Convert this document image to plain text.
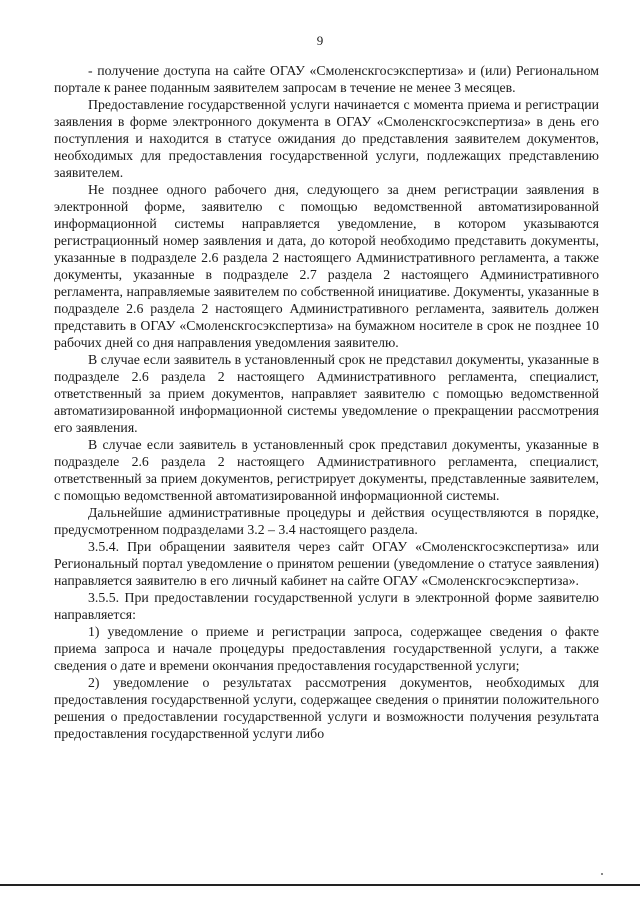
9

- получение доступа на сайте ОГАУ «Смоленскгосэкспертиза» и (или) Региональном портале к ранее поданным заявителем запросам в течение не менее 3 месяцев.

Предоставление государственной услуги начинается с момента приема и регистрации заявления в форме электронного документа в ОГАУ «Смоленскгосэкспертиза» в день его поступления и находится в статусе ожидания до представления заявителем документов, необходимых для предоставления государственной услуги, подлежащих представлению заявителем.

Не позднее одного рабочего дня, следующего за днем регистрации заявления в электронной форме, заявителю с помощью ведомственной автоматизированной информационной системы направляется уведомление, в котором указываются регистрационный номер заявления и дата, до которой необходимо представить документы, указанные в подразделе 2.6 раздела 2 настоящего Административного регламента, а также документы, указанные в подразделе 2.7 раздела 2 настоящего Административного регламента, направляемые заявителем по собственной инициативе. Документы, указанные в подразделе 2.6 раздела 2 настоящего Административного регламента, заявитель должен представить в ОГАУ «Смоленскгосэкспертиза» на бумажном носителе в срок не позднее 10 рабочих дней со дня направления уведомления заявителю.

В случае если заявитель в установленный срок не представил документы, указанные в подразделе 2.6 раздела 2 настоящего Административного регламента, специалист, ответственный за прием документов, направляет заявителю с помощью ведомственной автоматизированной информационной системы уведомление о прекращении рассмотрения его заявления.

В случае если заявитель в установленный срок представил документы, указанные в подразделе 2.6 раздела 2 настоящего Административного регламента, специалист, ответственный за прием документов, регистрирует документы, представленные заявителем, с помощью ведомственной автоматизированной информационной системы.

Дальнейшие административные процедуры и действия осуществляются в порядке, предусмотренном подразделами 3.2 – 3.4 настоящего раздела.

3.5.4. При обращении заявителя через сайт ОГАУ «Смоленскгосэкспертиза» или Региональный портал уведомление о принятом решении (уведомление о статусе заявления) направляется заявителю в его личный кабинет на сайте ОГАУ «Смоленскгосэкспертиза».

3.5.5. При предоставлении государственной услуги в электронной форме заявителю направляется:

1) уведомление о приеме и регистрации запроса, содержащее сведения о факте приема запроса и начале процедуры предоставления государственной услуги, а также сведения о дате и времени окончания предоставления государственной услуги;

2) уведомление о результатах рассмотрения документов, необходимых для предоставления государственной услуги, содержащее сведения о принятии положительного решения о предоставлении государственной услуги и возможности получения результата предоставления государственной услуги либо
